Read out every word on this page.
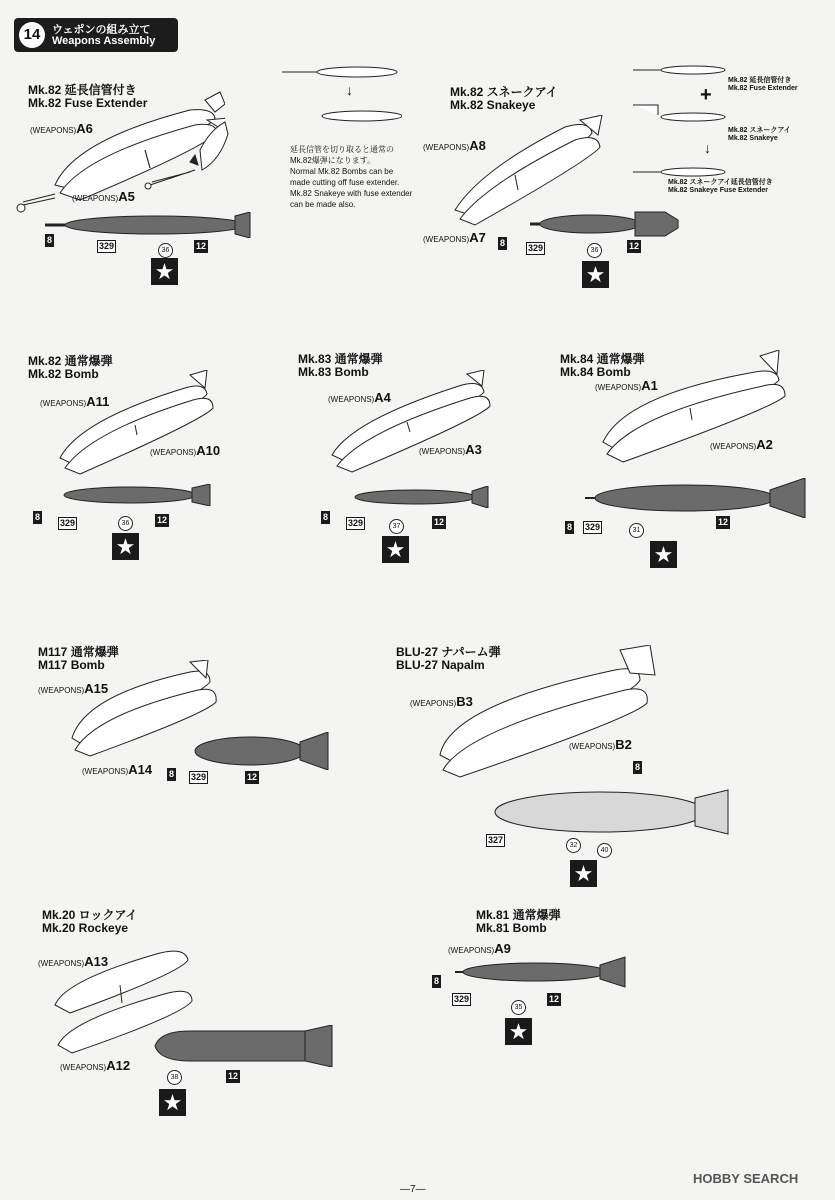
14	ウェポンの組み立て
Weapons Assembly
Mk.82 延長信管付き
Mk.82 Fuse Extender
(WEAPONS)A6
(WEAPONS)A5
8
329	36	12
★
↓
延長信管を切り取ると通常の
Mk.82爆弾になります。
Normal Mk.82 Bombs can be
made cutting off fuse extender.
Mk.82 Snakeye with fuse extender
can be made also.
Mk.82 スネークアイ
Mk.82 Snakeye
(WEAPONS)A8
(WEAPONS)A7 8	329	36	12
★
Mk.82 延長信管付き
Mk.82 Fuse Extender
+
Mk.82 スネークアイ
Mk.82 Snakeye
↓
Mk.82 スネークアイ延長信管付き
Mk.82 Snakeye Fuse Extender
Mk.82 通常爆弾
Mk.82 Bomb
(WEAPONS)A11
(WEAPONS)A10
8
329	36	12
★
Mk.83 通常爆弾
Mk.83 Bomb
(WEAPONS)A4
(WEAPONS)A3
8
329	37	12
★
Mk.84 通常爆弾
Mk.84 Bomb
(WEAPONS)A1
(WEAPONS)A2
8 329	31
12
★
M117 通常爆弾
M117 Bomb
(WEAPONS)A15
(WEAPONS)A14 8 329	12
BLU-27 ナパーム弾
BLU-27 Napalm
(WEAPONS)B3
(WEAPONS)B2
8
327
32
40
★
Mk.20 ロックアイ
Mk.20 Rockeye
(WEAPONS)A13
(WEAPONS)A12
38	12
★
Mk.81 通常爆弾
Mk.81 Bomb
(WEAPONS)A9
8
329
35
12
★
—7—
HOBBY SEARCH
